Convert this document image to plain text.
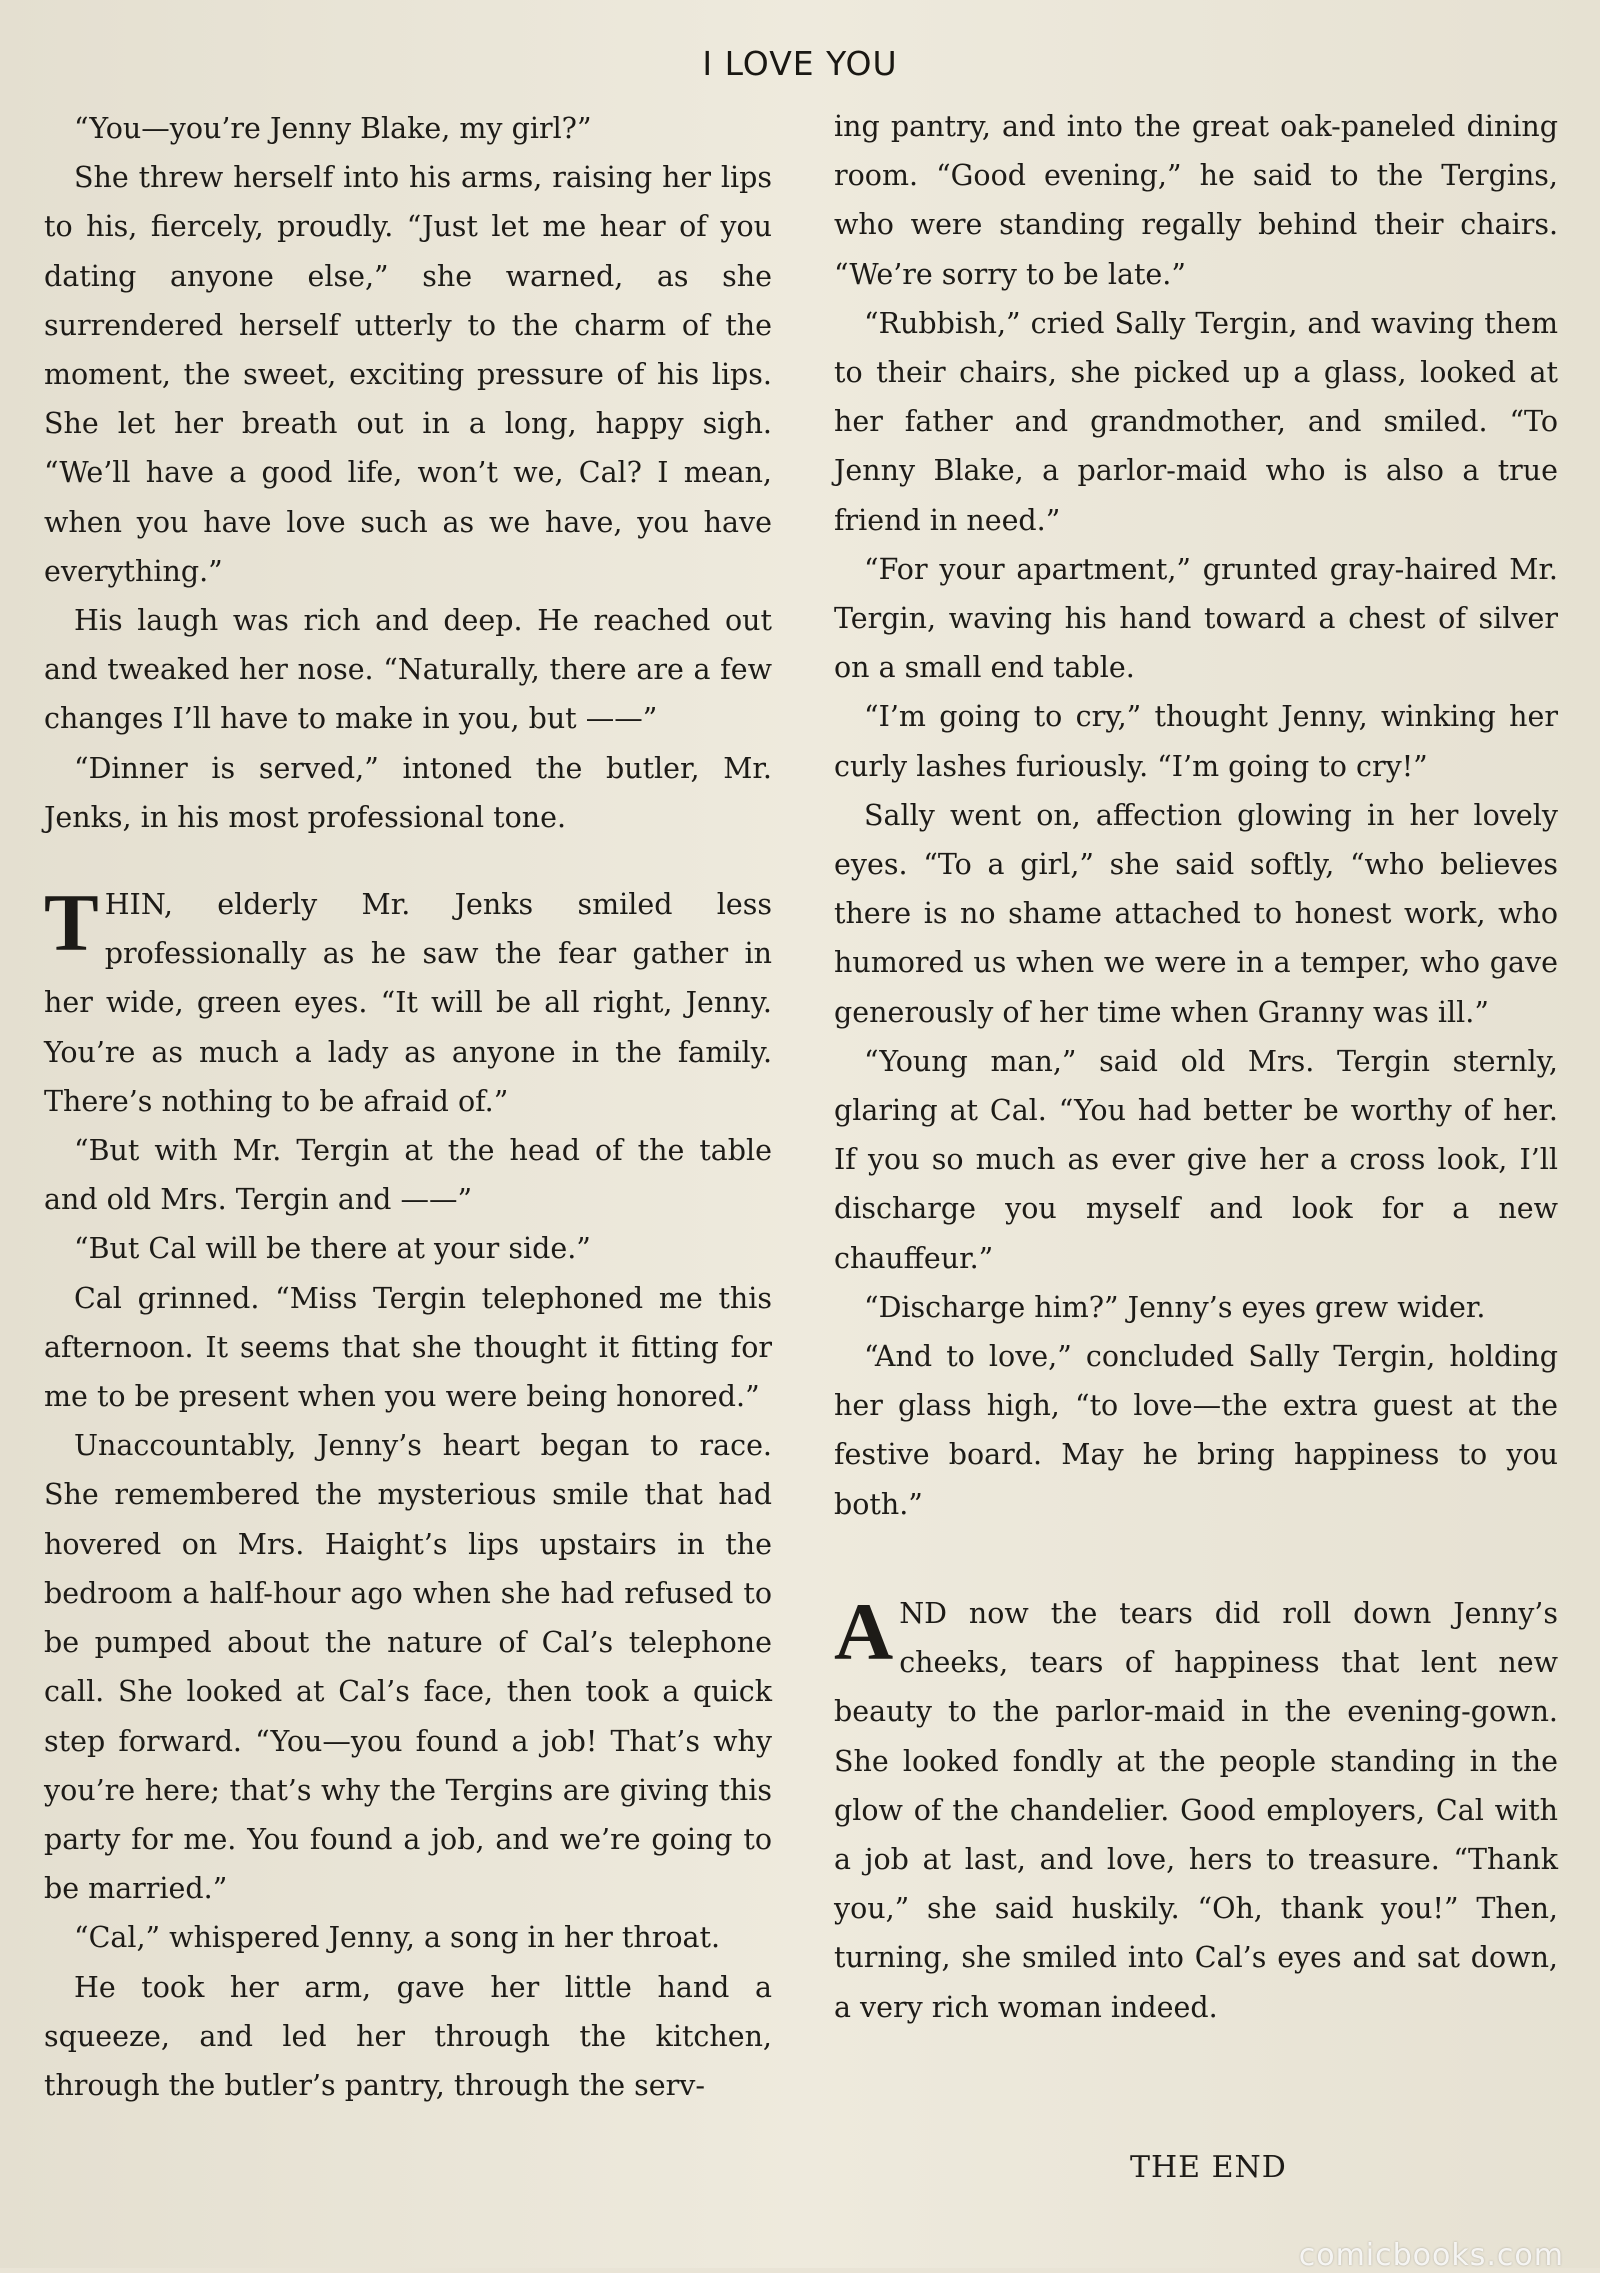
I LOVE YOU

“You—you’re Jenny Blake, my girl?”

She threw herself into his arms, raising her lips to his, fiercely, proudly. “Just let me hear of you dating anyone else,” she warned, as she surrendered herself utterly to the charm of the moment, the sweet, exciting pressure of his lips. She let her breath out in a long, happy sigh. “We’ll have a good life, won’t we, Cal? I mean, when you have love such as we have, you have everything.”

His laugh was rich and deep. He reached out and tweaked her nose. “Naturally, there are a few changes I’ll have to make in you, but ——”

“Dinner is served,” intoned the butler, Mr. Jenks, in his most professional tone.

THIN, elderly Mr. Jenks smiled less professionally as he saw the fear gather in her wide, green eyes. “It will be all right, Jenny. You’re as much a lady as anyone in the family. There’s nothing to be afraid of.”

“But with Mr. Tergin at the head of the table and old Mrs. Tergin and ——”

“But Cal will be there at your side.”

Cal grinned. “Miss Tergin telephoned me this afternoon. It seems that she thought it fitting for me to be present when you were being honored.”

Unaccountably, Jenny’s heart began to race. She remembered the mysterious smile that had hovered on Mrs. Haight’s lips upstairs in the bedroom a half-hour ago when she had refused to be pumped about the nature of Cal’s telephone call. She looked at Cal’s face, then took a quick step forward. “You—you found a job! That’s why you’re here; that’s why the Tergins are giving this party for me. You found a job, and we’re going to be married.”

“Cal,” whispered Jenny, a song in her throat.

He took her arm, gave her little hand a squeeze, and led her through the kitchen, through the butler’s pantry, through the serv-

ing pantry, and into the great oak-paneled dining room. “Good evening,” he said to the Tergins, who were standing regally behind their chairs. “We’re sorry to be late.”

“Rubbish,” cried Sally Tergin, and waving them to their chairs, she picked up a glass, looked at her father and grandmother, and smiled. “To Jenny Blake, a parlor-maid who is also a true friend in need.”

“For your apartment,” grunted gray-haired Mr. Tergin, waving his hand toward a chest of silver on a small end table.

“I’m going to cry,” thought Jenny, winking her curly lashes furiously. “I’m going to cry!”

Sally went on, affection glowing in her lovely eyes. “To a girl,” she said softly, “who believes there is no shame attached to honest work, who humored us when we were in a temper, who gave generously of her time when Granny was ill.”

“Young man,” said old Mrs. Tergin sternly, glaring at Cal. “You had better be worthy of her. If you so much as ever give her a cross look, I’ll discharge you myself and look for a new chauffeur.”

“Discharge him?” Jenny’s eyes grew wider.

“And to love,” concluded Sally Tergin, holding her glass high, “to love—the extra guest at the festive board. May he bring happiness to you both.”

AND now the tears did roll down Jenny’s cheeks, tears of happiness that lent new beauty to the parlor-maid in the evening-gown. She looked fondly at the people standing in the glow of the chandelier. Good employers, Cal with a job at last, and love, hers to treasure. “Thank you,” she said huskily. “Oh, thank you!” Then, turning, she smiled into Cal’s eyes and sat down, a very rich woman indeed.

THE END
comicbooks.com
